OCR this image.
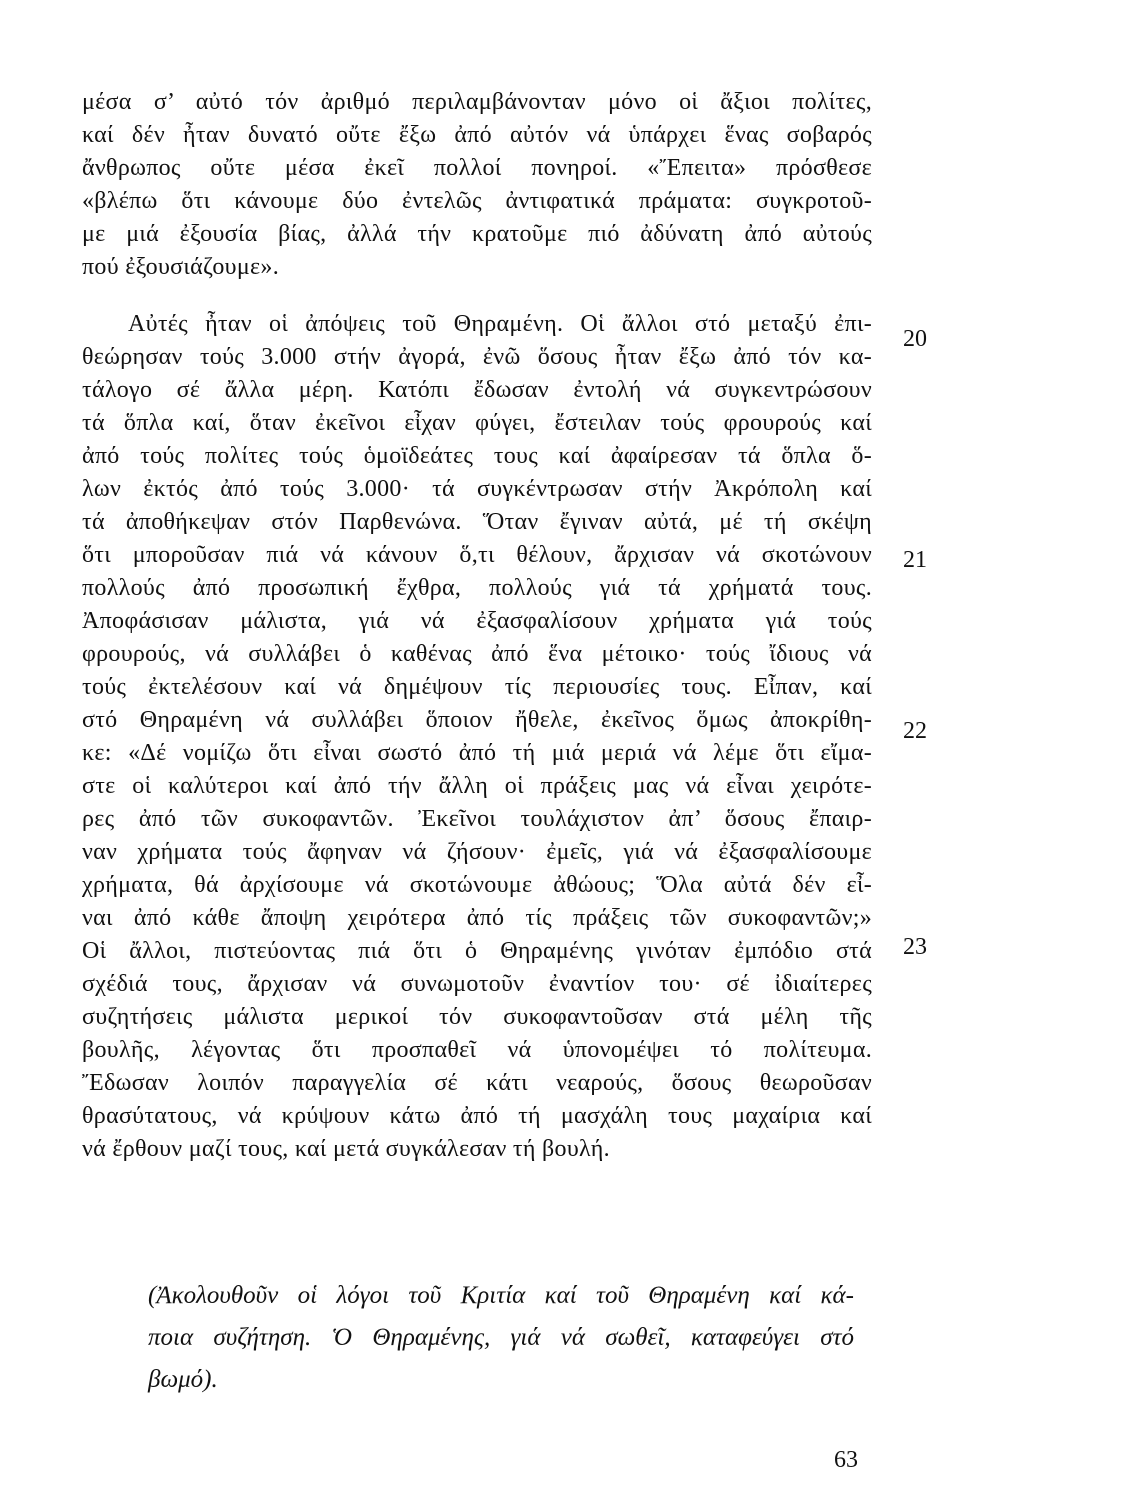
μέσα σ’ αὐτό τόν ἀριθμό περιλαμβάνονταν μόνο οἱ ἄξιοι πολίτες,
καί δέν ἦταν δυνατό οὔτε ἔξω ἀπό αὐτόν νά ὑπάρχει ἕνας σοβαρός
ἄνθρωπος οὔτε μέσα ἐκεῖ πολλοί πονηροί. «Ἔπειτα» πρόσθεσε
«βλέπω ὅτι κάνουμε δύο ἐντελῶς ἀντιφατικά πράματα: συγκροτοῦ-
με μιά ἐξουσία βίας, ἀλλά τήν κρατοῦμε πιό ἀδύνατη ἀπό αὐτούς
πού ἐξουσιάζουμε».
Αὐτές ἦταν οἱ ἀπόψεις τοῦ Θηραμένη. Οἱ ἄλλοι στό μεταξύ ἐπι-
θεώρησαν τούς 3.000 στήν ἀγορά, ἐνῶ ὅσους ἦταν ἔξω ἀπό τόν κα-
τάλογο σέ ἄλλα μέρη. Κατόπι ἔδωσαν ἐντολή νά συγκεντρώσουν
τά ὅπλα καί, ὅταν ἐκεῖνοι εἶχαν φύγει, ἔστειλαν τούς φρουρούς καί
ἀπό τούς πολίτες τούς ὁμοϊδεάτες τους καί ἀφαίρεσαν τά ὅπλα ὅ-
λων ἐκτός ἀπό τούς 3.000· τά συγκέντρωσαν στήν Ἀκρόπολη καί
τά ἀποθήκεψαν στόν Παρθενώνα. Ὅταν ἔγιναν αὐτά, μέ τή σκέψη
ὅτι μποροῦσαν πιά νά κάνουν ὅ,τι θέλουν, ἄρχισαν νά σκοτώνουν
πολλούς ἀπό προσωπική ἔχθρα, πολλούς γιά τά χρήματά τους.
Ἀποφάσισαν μάλιστα, γιά νά ἐξασφαλίσουν χρήματα γιά τούς
φρουρούς, νά συλλάβει ὁ καθένας ἀπό ἕνα μέτοικο· τούς ἴδιους νά
τούς ἐκτελέσουν καί νά δημέψουν τίς περιουσίες τους. Εἶπαν, καί
στό Θηραμένη νά συλλάβει ὅποιον ἤθελε, ἐκεῖνος ὅμως ἀποκρίθη-
κε: «Δέ νομίζω ὅτι εἶναι σωστό ἀπό τή μιά μεριά νά λέμε ὅτι εἴμα-
στε οἱ καλύτεροι καί ἀπό τήν ἄλλη οἱ πράξεις μας νά εἶναι χειρότε-
ρες ἀπό τῶν συκοφαντῶν. Ἐκεῖνοι τουλάχιστον ἀπ’ ὅσους ἔπαιρ-
ναν χρήματα τούς ἄφηναν νά ζήσουν· ἐμεῖς, γιά νά ἐξασφαλίσουμε
χρήματα, θά ἀρχίσουμε νά σκοτώνουμε ἀθώους; Ὅλα αὐτά δέν εἶ-
ναι ἀπό κάθε ἄποψη χειρότερα ἀπό τίς πράξεις τῶν συκοφαντῶν;»
Οἱ ἄλλοι, πιστεύοντας πιά ὅτι ὁ Θηραμένης γινόταν ἐμπόδιο στά
σχέδιά τους, ἄρχισαν νά συνωμοτοῦν ἐναντίον του· σέ ἰδιαίτερες
συζητήσεις μάλιστα μερικοί τόν συκοφαντοῦσαν στά μέλη τῆς
βουλῆς, λέγοντας ὅτι προσπαθεῖ νά ὑπονομέψει τό πολίτευμα.
Ἔδωσαν λοιπόν παραγγελία σέ κάτι νεαρούς, ὅσους θεωροῦσαν
θρασύτατους, νά κρύψουν κάτω ἀπό τή μασχάλη τους μαχαίρια καί
νά ἔρθουν μαζί τους, καί μετά συγκάλεσαν τή βουλή.
20
21
22
23
(Ἀκολουθοῦν οἱ λόγοι τοῦ Κριτία καί τοῦ Θηραμένη καί κά-
ποια συζήτηση. Ὁ Θηραμένης, γιά νά σωθεῖ, καταφεύγει στό
βωμό).
63
